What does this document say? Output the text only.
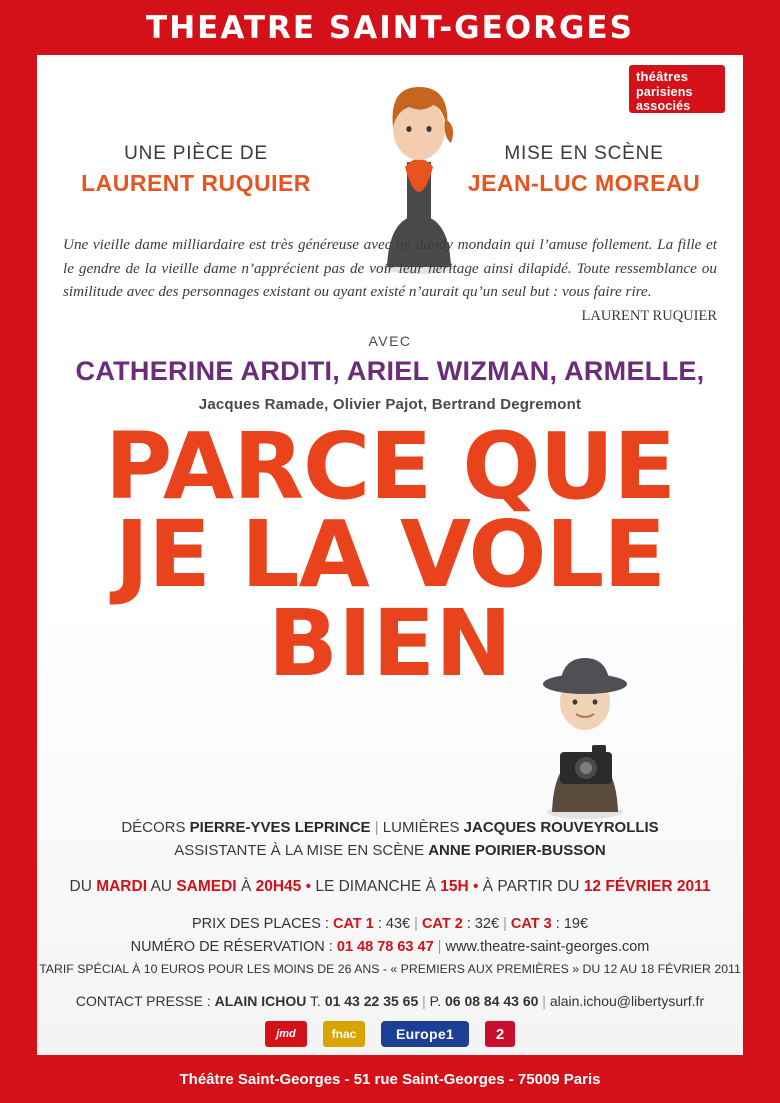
THEATRE SAINT-GEORGES
théâtres
parisiens
associés
UNE PIÈCE DE
LAURENT RUQUIER
MISE EN SCÈNE
JEAN-LUC MOREAU
Une vieille dame milliardaire est très généreuse avec un dandy mondain qui l’amuse follement. La fille et le gendre de la vieille dame n’apprécient pas de voir leur héritage ainsi dilapidé. Toute ressemblance ou similitude avec des personnages existant ou ayant existé n’aurait qu’un seul but : vous faire rire.
LAURENT RUQUIER
AVEC
CATHERINE ARDITI, ARIEL WIZMAN, ARMELLE,
Jacques Ramade, Olivier Pajot, Bertrand Degremont
PARCE QUE
JE LA VOLE
BIEN
DÉCORS PIERRE-YVES LEPRINCE | LUMIÈRES JACQUES ROUVEYROLLIS
ASSISTANTE À LA MISE EN SCÈNE ANNE POIRIER-BUSSON
DU MARDI AU SAMEDI À 20H45 • LE DIMANCHE À 15H • À PARTIR DU 12 FÉVRIER 2011
PRIX DES PLACES : CAT 1 : 43€ | CAT 2 : 32€ | CAT 3 : 19€
NUMÉRO DE RÉSERVATION : 01 48 78 63 47 | www.theatre-saint-georges.com
TARIF SPÉCIAL À 10 EUROS POUR LES MOINS DE 26 ANS - « PREMIERS AUX PREMIÈRES » DU 12 AU 18 FÉVRIER 2011
CONTACT PRESSE : ALAIN ICHOU T. 01 43 22 35 65 | P. 06 08 84 43 60 | alain.ichou@libertysurf.fr
jmd	fnac	Europe1	2
Théâtre Saint-Georges - 51 rue Saint-Georges - 75009 Paris
